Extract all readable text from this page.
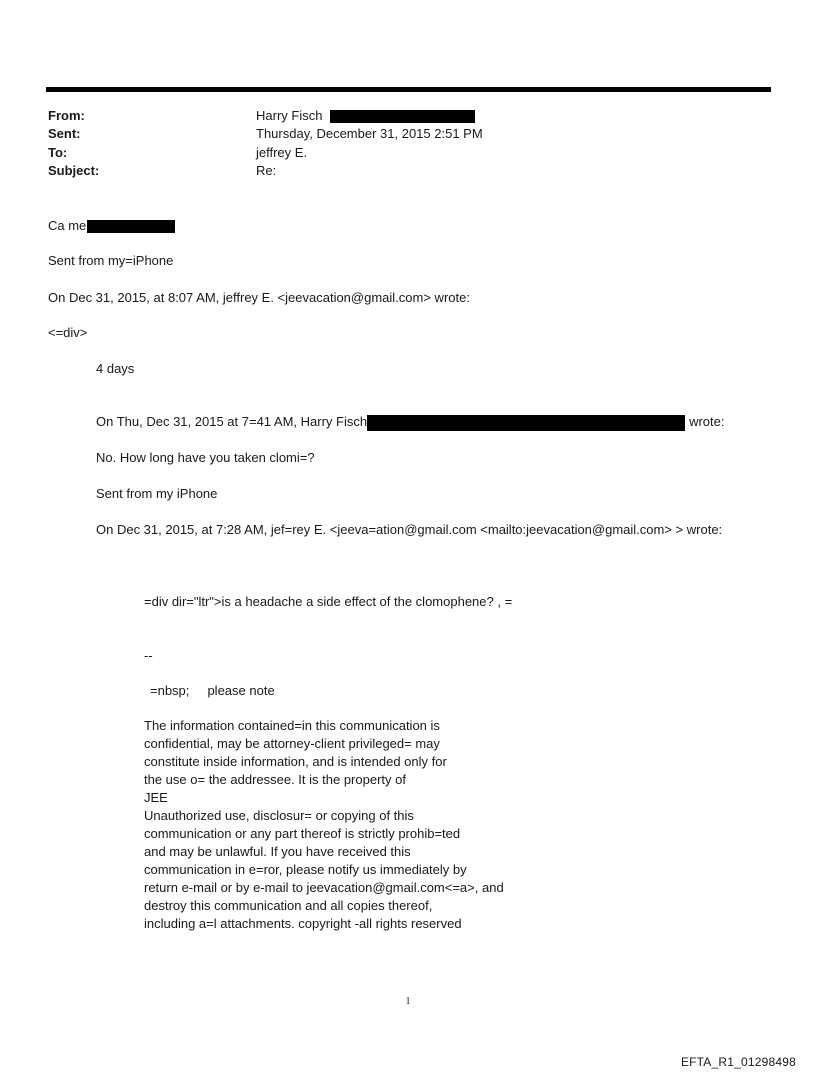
From:	Harry Fisch
Sent:	Thursday, December 31, 2015 2:51 PM
To:	jeffrey E.
Subject:	Re:
Ca me
Sent from my=iPhone
On Dec 31, 2015, at 8:07 AM, jeffrey E. <jeevacation@gmail.com> wrote:
<=div>
4 days
On Thu, Dec 31, 2015 at 7=41 AM, Harry Fisch	wrote:
No. How long have you taken clomi=?
Sent from my iPhone
On Dec 31, 2015, at 7:28 AM, jef=rey E. <jeeva=ation@gmail.com <mailto:jeevacation@gmail.com> > wrote:
=div dir="ltr">is a headache a side effect of the clomophene? , =
--
=nbsp;     please note
The information contained=in this communication is
confidential, may be attorney-client privileged= may
constitute inside information, and is intended only for
the use o= the addressee. It is the property of
JEE
Unauthorized use, disclosur= or copying of this
communication or any part thereof is strictly prohib=ted
and may be unlawful. If you have received this
communication in e=ror, please notify us immediately by
return e-mail or by e-mail to jeevacation@gmail.com<=a>, and
destroy this communication and all copies thereof,
including a=l attachments. copyright -all rights reserved
1
EFTA_R1_01298498
